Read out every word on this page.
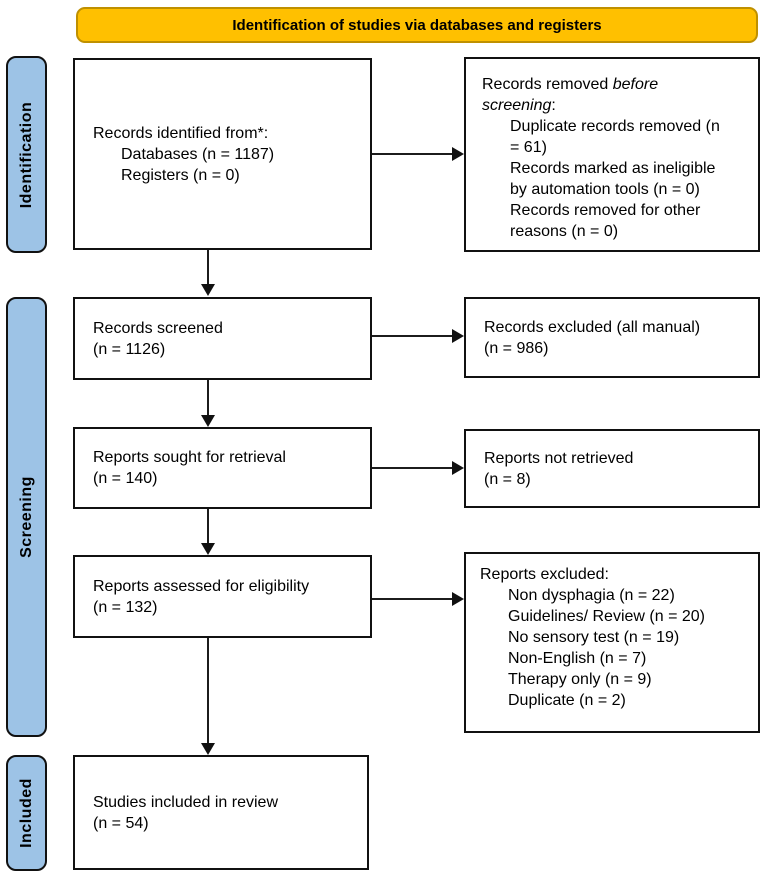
Identification of studies via databases and registers
Identification
Screening
Included
Records identified from*:
Databases (n = 1187)
Registers (n = 0)
Records removed before screening:
Duplicate records removed (n = 61)
Records marked as ineligible by automation tools (n = 0)
Records removed for other reasons (n = 0)
Records screened
(n = 1126)
Records excluded (all manual)
(n = 986)
Reports sought for retrieval
(n = 140)
Reports not retrieved
(n = 8)
Reports assessed for eligibility
(n = 132)
Reports excluded:
Non dysphagia (n = 22)
Guidelines/ Review (n = 20)
No sensory test (n = 19)
Non-English (n = 7)
Therapy only (n = 9)
Duplicate (n = 2)
Studies included in review
(n = 54)
